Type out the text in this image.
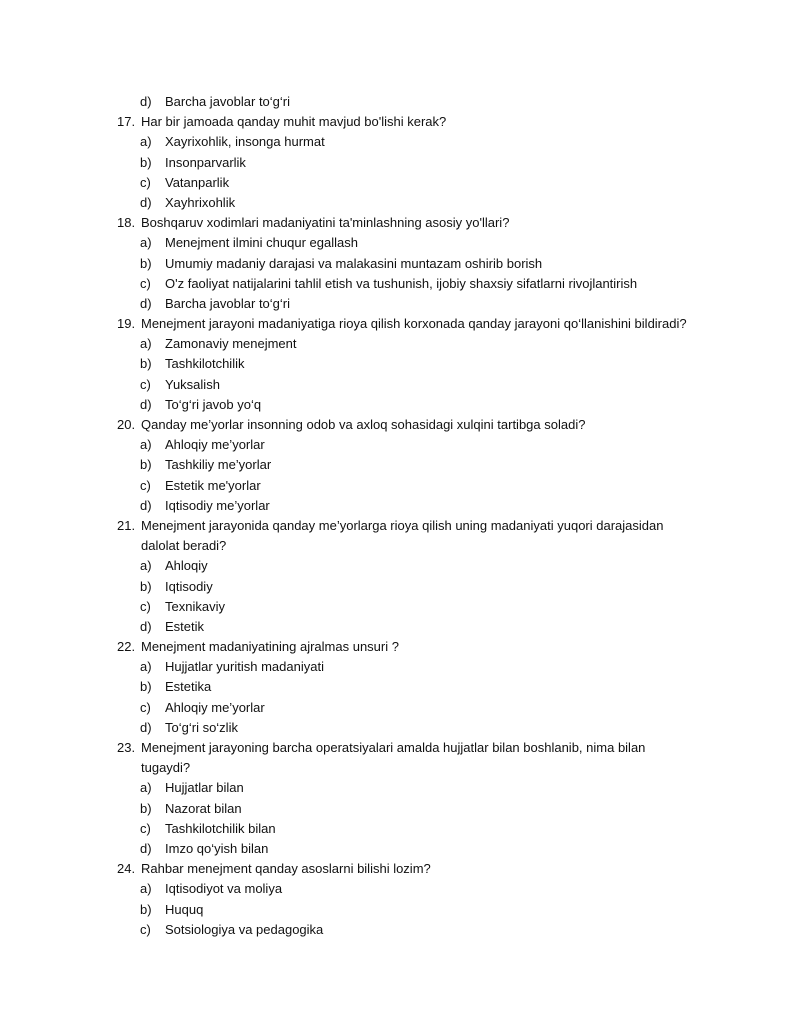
d)	Barcha javoblar to‘g‘ri
17. Har bir jamoada qanday muhit mavjud bo'lishi kerak?
a)	Xayrixohlik, insonga hurmat
b)	Insonparvarlik
c)	Vatanparlik
d)	Xayhrixohlik
18. Boshqaruv xodimlari madaniyatini ta'minlashning asosiy yo'llari?
a)	Menejment ilmini chuqur egallash
b)	Umumiy madaniy darajasi va malakasini muntazam oshirib borish
c)	O'z faoliyat natijalarini tahlil etish va tushunish, ijobiy shaxsiy sifatlarni rivojlantirish
d)	Barcha javoblar to‘g‘ri
19. Menejment jarayoni madaniyatiga rioya qilish korxonada qanday jarayoni qo‘llanishini bildiradi?
a)	Zamonaviy menejment
b)	Tashkilotchilik
c)	Yuksalish
d)	To‘g‘ri javob yo‘q
20. Qanday me’yorlar insonning odob va axloq sohasidagi xulqini tartibga soladi?
a)	Ahloqiy me’yorlar
b)	Tashkiliy me’yorlar
c)	Estetik me'yorlar
d)	Iqtisodiy me’yorlar
21. Menejment jarayonida qanday me’yorlarga rioya qilish uning madaniyati yuqori darajasidan
dalolat beradi?
a)	Ahloqiy
b)	Iqtisodiy
c)	Texnikaviy
d)	Estetik
22. Menejment madaniyatining ajralmas unsuri ?
a)	Hujjatlar yuritish madaniyati
b)	Estetika
c)	Ahloqiy me’yorlar
d)	To‘g‘ri so‘zlik
23. Menejment jarayoning barcha operatsiyalari amalda hujjatlar bilan boshlanib, nima bilan
tugaydi?
a)	Hujjatlar bilan
b)	Nazorat bilan
c)	Tashkilotchilik bilan
d)	Imzo qo‘yish bilan
24. Rahbar menejment qanday asoslarni bilishi lozim?
a)	Iqtisodiyot va moliya
b)	Huquq
c)	Sotsiologiya va pedagogika
